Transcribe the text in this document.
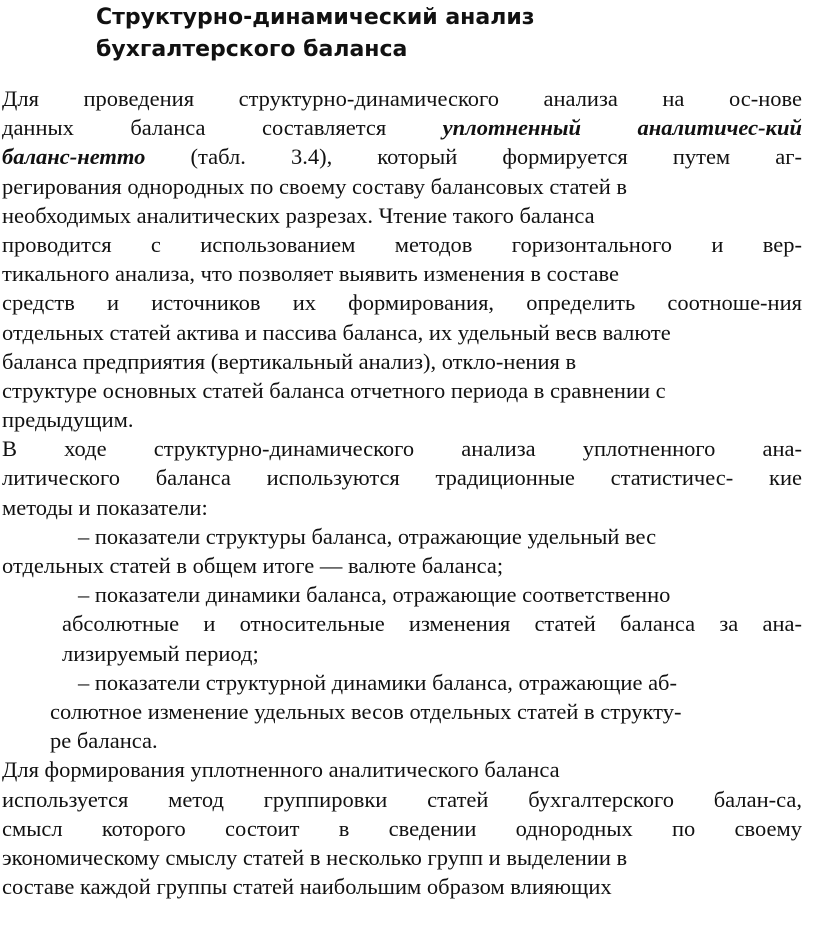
Структурно-динамический анализ
бухгалтерского баланса
Для проведения структурно-динамического анализа на ос-нове
данных баланса составляется уплотненный аналитичес-кий
баланс-нетто (табл. 3.4), который формируется путем аг-
регирования однородных по своему составу балансовых статей в
необходимых аналитических разрезах. Чтение такого баланса
проводится с использованием методов горизонтального и вер-
тикального анализа, что позволяет выявить изменения в составе
средств и источников их формирования, определить соотноше-ния
отдельных статей актива и пассива баланса, их удельный весв валюте
баланса предприятия (вертикальный анализ), откло-нения в
структуре основных статей баланса отчетного периода в сравнении с
предыдущим.
В ходе структурно-динамического анализа уплотненного ана-
литического баланса используются традиционные статистичес- кие
методы и показатели:
– показатели структуры баланса, отражающие удельный вес
отдельных статей в общем итоге — валюте баланса;
– показатели динамики баланса, отражающие соответственно
абсолютные и относительные изменения статей баланса за ана-
лизируемый период;
– показатели структурной динамики баланса, отражающие аб-
солютное изменение удельных весов отдельных статей в структу-
ре баланса.
Для формирования уплотненного аналитического баланса
используется метод группировки статей бухгалтерского балан-са,
смысл которого состоит в сведении однородных по своему
экономическому смыслу статей в несколько групп и выделении в
составе каждой группы статей наибольшим образом влияющих
